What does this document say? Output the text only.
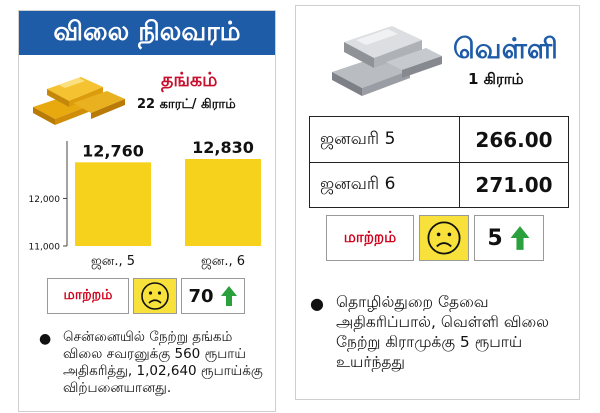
விலை நிலவரம்
தங்கம்
22 காரட்/ கிராம்
11,000
12,000
12,760
ஜன., 5
12,830
ஜன., 6
மாற்றம்	70
● சென்னையில் நேற்று தங்கம் விலை சவரனுக்கு 560 ரூபாய் அதிகரித்து, 1,02,640 ரூபாய்க்கு விற்பனையானது.
வெள்ளி
1 கிராம்
ஜனவரி 5	266.00
ஜனவரி 6	271.00
மாற்றம்	5
● தொழில்துறை தேவை அதிகரிப்பால், வெள்ளி விலை நேற்று கிராமுக்கு 5 ரூபாய் உயர்ந்தது
